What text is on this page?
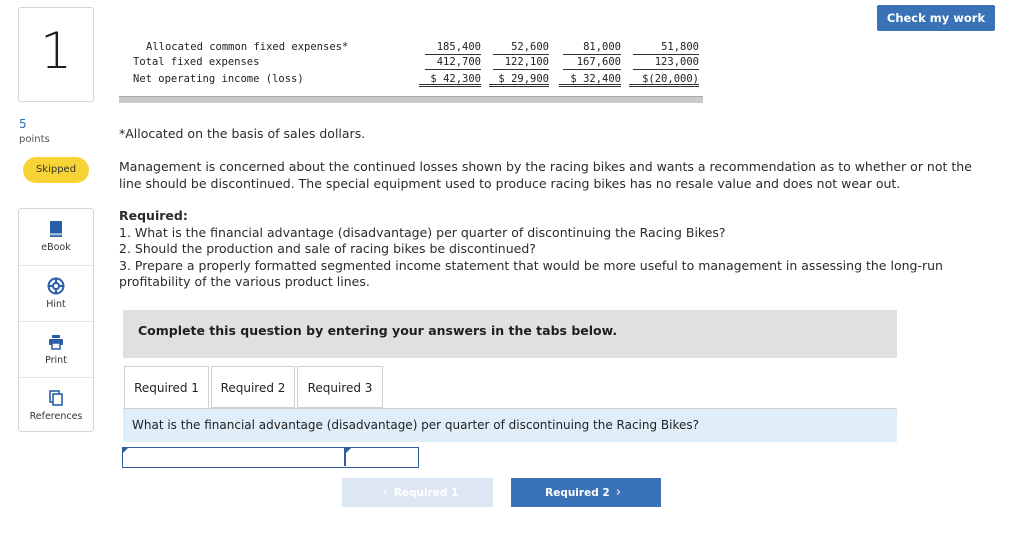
1
5
points
Skipped
eBook
Hint
Print
References
Check my work
Allocated common fixed expenses*	185,400	52,600	81,000	51,800
Total fixed expenses	412,700	122,100	167,600	123,000
Net operating income (loss)	$ 42,300	$ 29,900	$ 32,400	$(20,000)
*Allocated on the basis of sales dollars.
Management is concerned about the continued losses shown by the racing bikes and wants a recommendation as to whether or not the line should be discontinued. The special equipment used to produce racing bikes has no resale value and does not wear out.
Required:
1. What is the financial advantage (disadvantage) per quarter of discontinuing the Racing Bikes?
2. Should the production and sale of racing bikes be discontinued?
3. Prepare a properly formatted segmented income statement that would be more useful to management in assessing the long-run profitability of the various product lines.
Complete this question by entering your answers in the tabs below.
Required 1	Required 2	Required 3
What is the financial advantage (disadvantage) per quarter of discontinuing the Racing Bikes?
‹ Required 1	Required 2 ›
